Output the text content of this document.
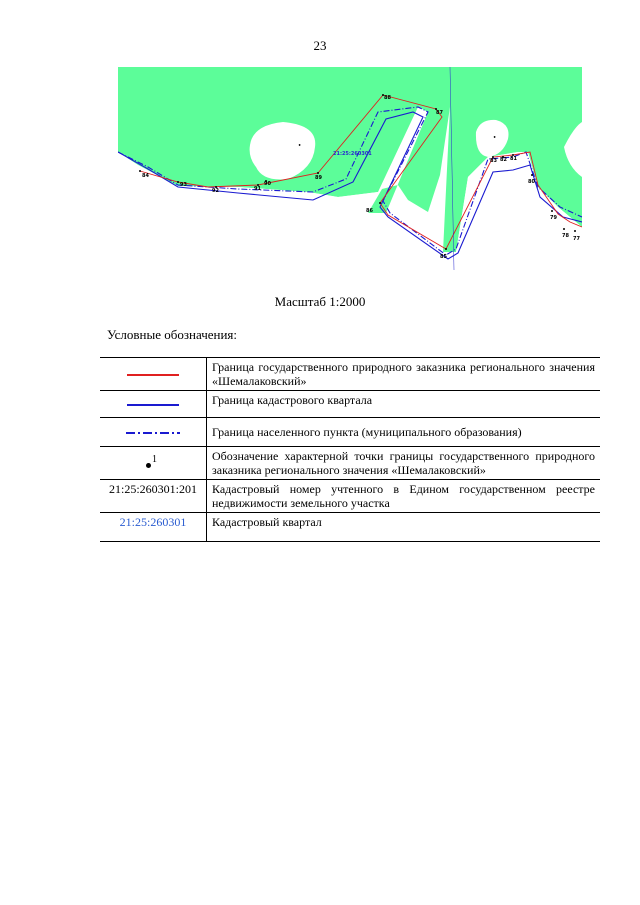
23
84
93
91
90
89
88
87
86
92
83
85
82 81
80
79
78 77
21:25:260301
•
•
Масштаб 1:2000
Условные обозначения:
	Граница государственного природного заказника регионального значения «Шемалаковский»
	Граница кадастрового квартала
	Граница населенного пункта (муниципального образования)

1	Обозначение характерной точки границы государственного природного заказника регионального значения «Шемалаковский»
21:25:260301:201	Кадастровый номер учтенного в Едином государственном реестре недвижимости земельного участка
21:25:260301	Кадастровый квартал
